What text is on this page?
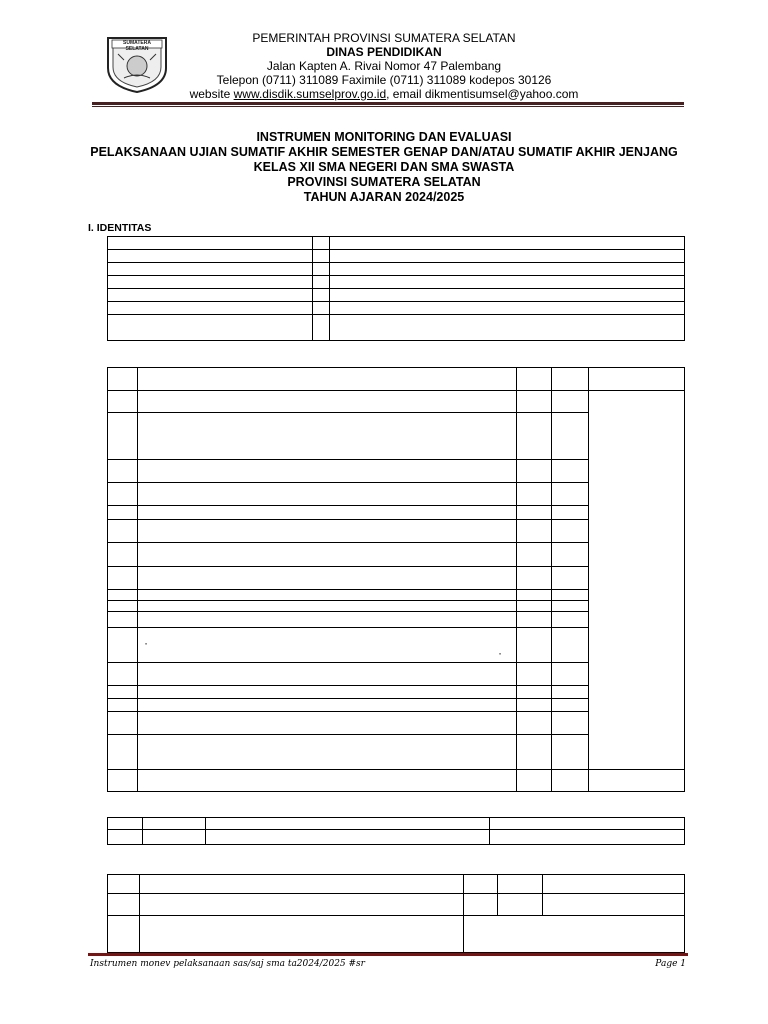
SUMATERA SELATAN
PEMERINTAH PROVINSI SUMATERA SELATAN
DINAS PENDIDIKAN
Jalan Kapten A. Rivai Nomor 47 Palembang
Telepon (0711) 311089 Faximile (0711) 311089 kodepos 30126
website www.disdik.sumselprov.go.id, email dikmentisumsel@yahoo.com
INSTRUMEN MONITORING DAN EVALUASI
PELAKSANAAN UJIAN SUMATIF AKHIR SEMESTER GENAP DAN/ATAU SUMATIF AKHIR JENJANG
KELAS XII SMA NEGERI DAN SMA SWASTA
PROVINSI SUMATERA SELATAN
TAHUN AJARAN 2024/2025
I. IDENTITAS
¤
¤
Instrumen monev pelaksanaan sas/saj sma ta2024/2025 #sr	Page 1
